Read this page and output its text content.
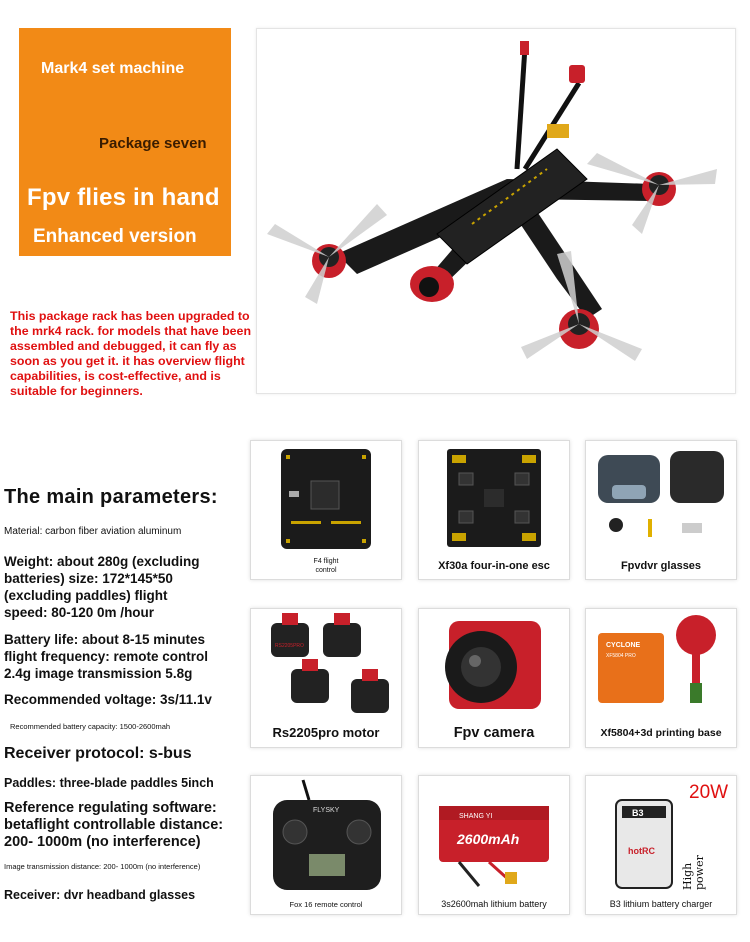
Mark4 set machine
Package seven
Fpv flies in hand
Enhanced version
This package rack has been upgraded to the mrk4 rack. for models that have been assembled and debugged, it can fly as soon as you get it. it has overview flight capabilities, is cost-effective, and is suitable for beginners.
The main parameters:
Material: carbon fiber aviation aluminum
Weight: about 280g (excluding
batteries) size: 172*145*50
(excluding paddles) flight
speed: 80-120 0m /hour
Battery life: about 8-15 minutes
flight frequency: remote control
2.4g image transmission 5.8g
Recommended voltage: 3s/11.1v
Recommended battery capacity: 1500-2600mah
Receiver protocol: s-bus
Paddles: three-blade paddles 5inch
Reference regulating software:
betaflight controllable distance:
200- 1000m (no interference)
Image transmission distance: 200- 1000m (no interference)
Receiver: dvr headband glasses
F4 flight
control	Xf30a four-in-one esc	Fpvdvr glasses
RS2205PRO
Rs2205pro motor	Fpv camera
CYCLONE
XF5804 PRO
Xf5804+3d printing base
FLYSKY
Fox 16 remote control
SHANG YI
2600mAh
3s2600mah lithium battery
B3
hotRC
20W
High
power
B3 lithium battery charger
